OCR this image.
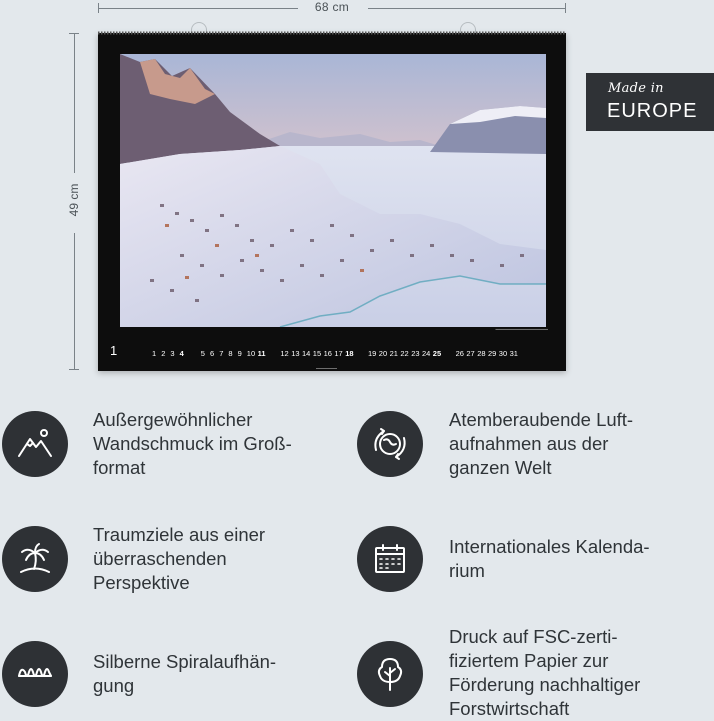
68 cm
49 cm
▬▬▬▬▬▬▬▬▬▬▬▬▬▬▬
1	1 2 3 4 5 6 7 8 9 10 11 12 13 14 15 16 17 18 19 20 21 22 23 24 25 26 27 28 29 30 31
▬▬▬▬▬▬▬
Made in
EUROPE
Außergewöhnlicher
Wandschmuck im Groß-
format
Atemberaubende Luft-
aufnahmen aus der
ganzen Welt
Traumziele aus einer
überraschenden
Perspektive
Internationales Kalenda-
rium
Silberne Spiralaufhän-
gung
Druck auf FSC-zerti-
fiziertem Papier zur
Förderung nachhaltiger
Forstwirtschaft
